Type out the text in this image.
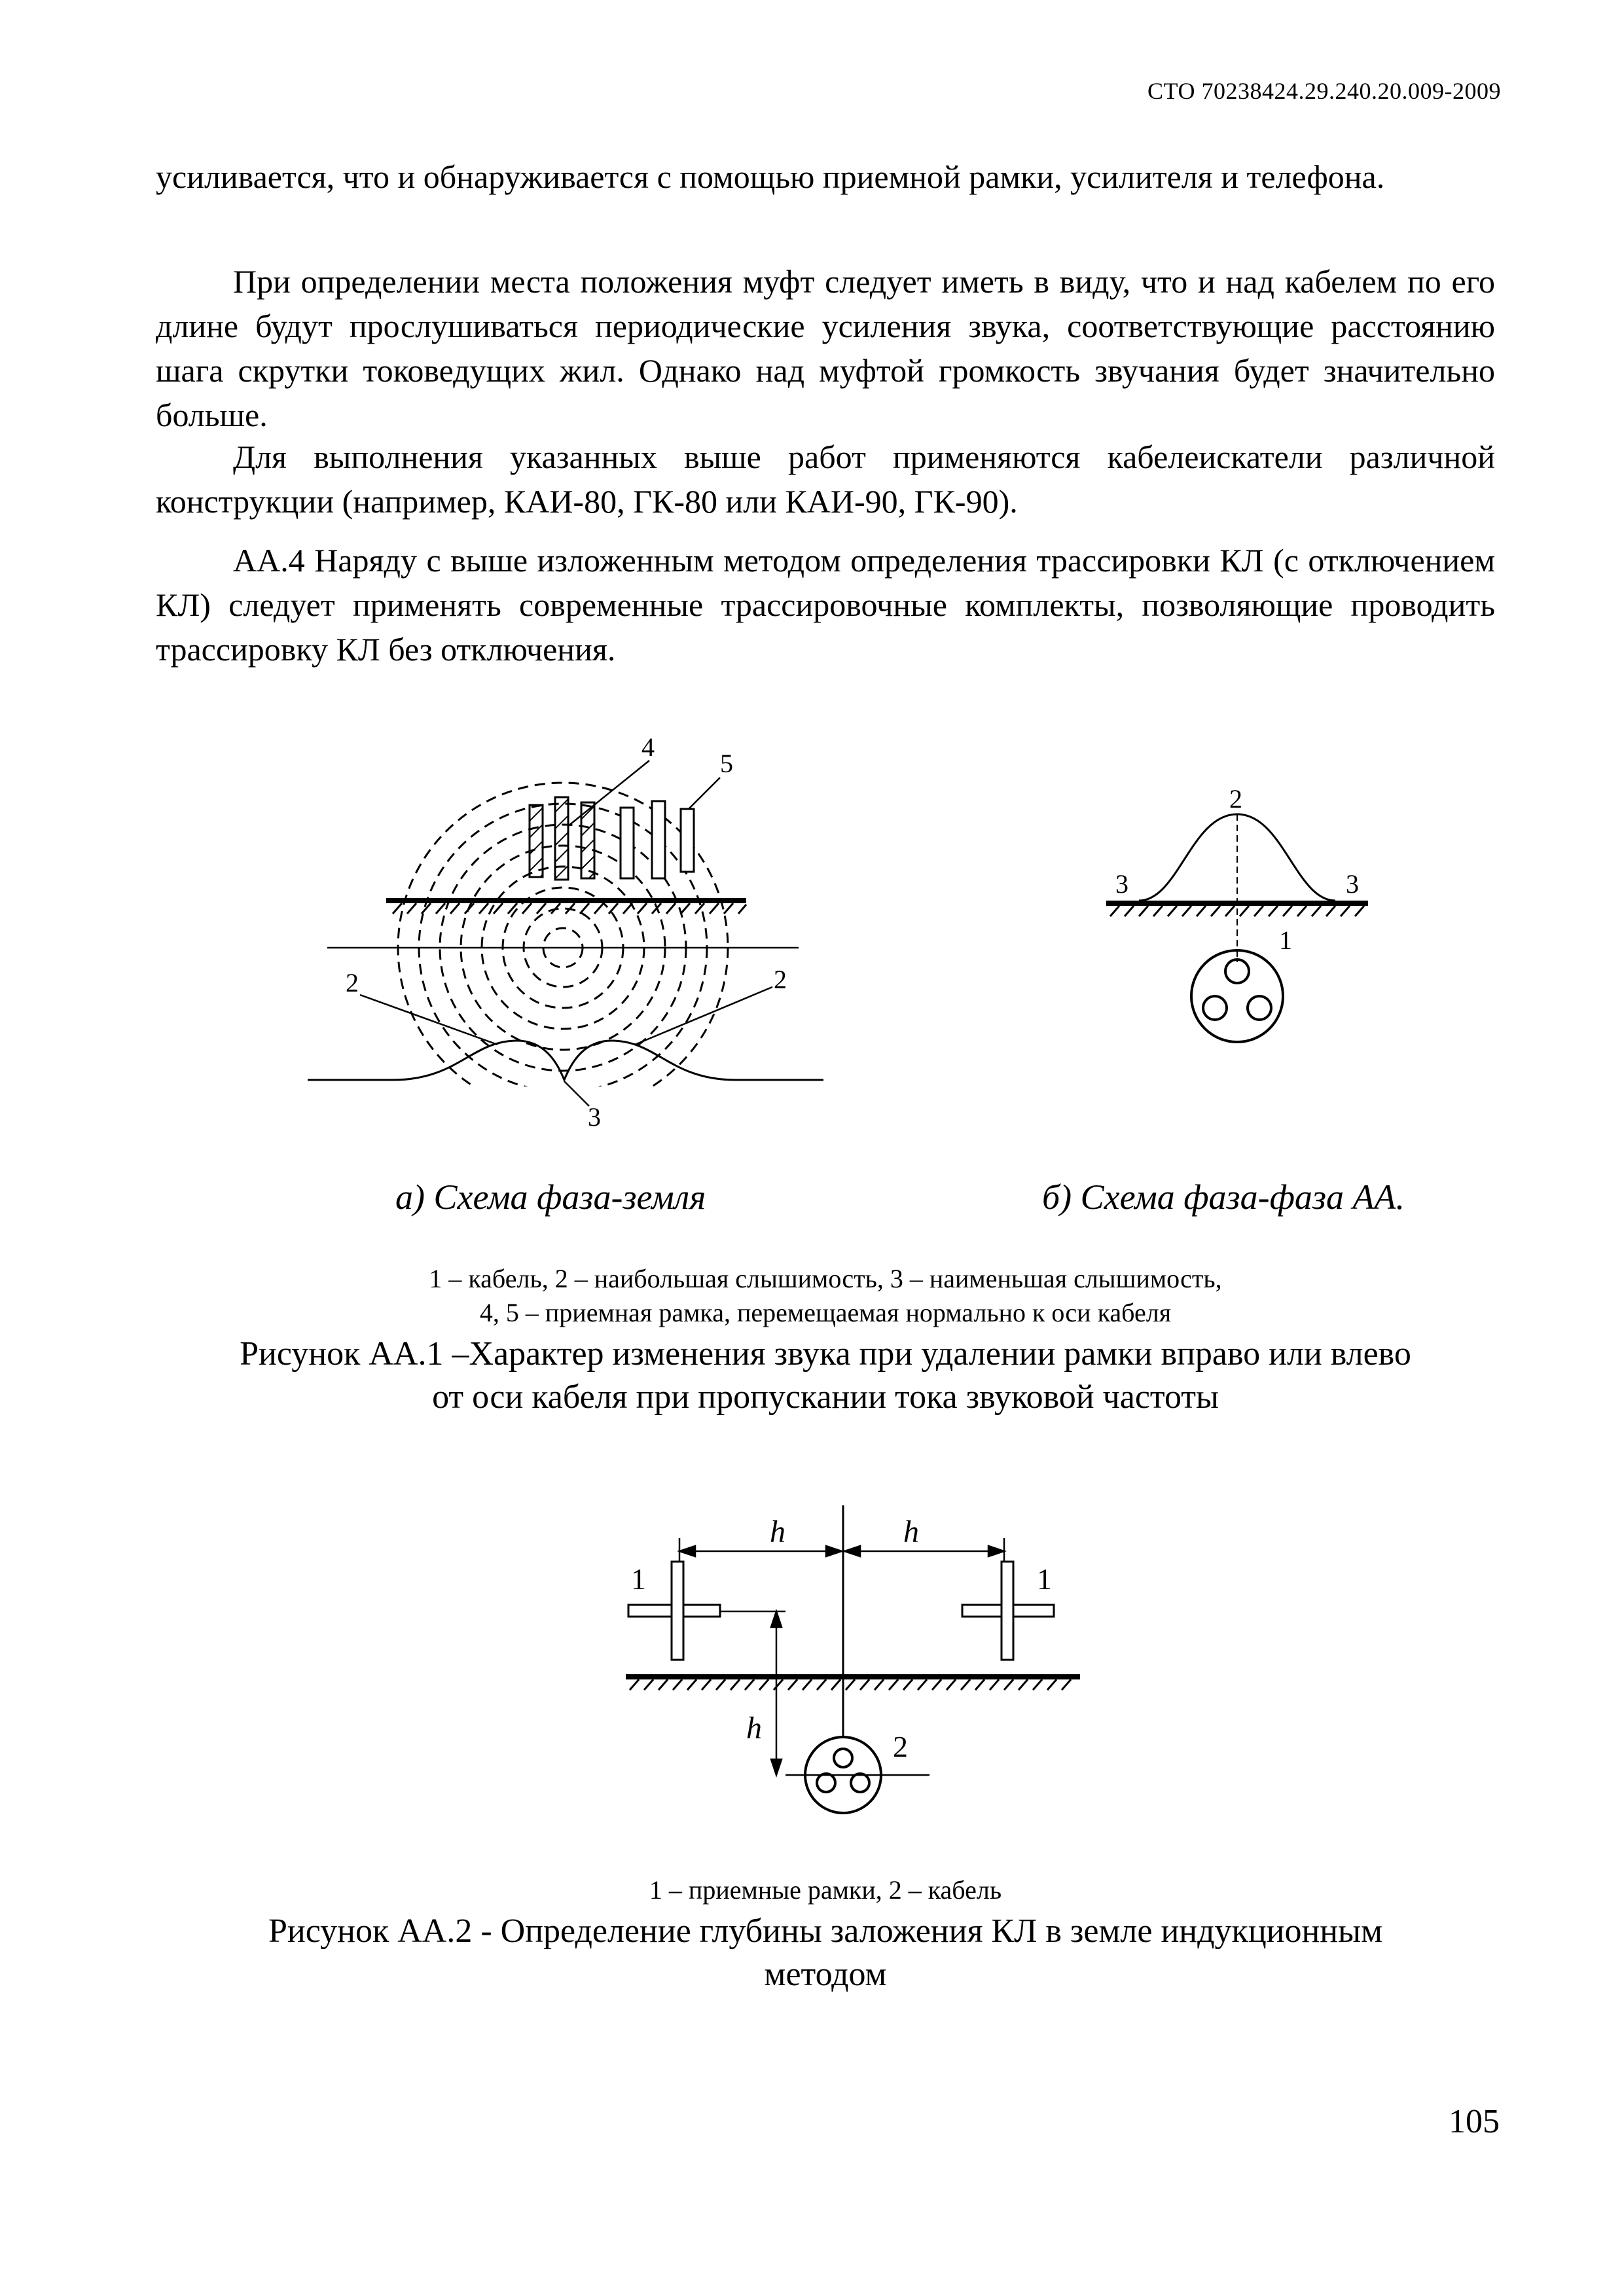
СТО 70238424.29.240.20.009-2009

усиливается, что и обнаруживается с помощью приемной рамки, усилителя и телефона.

При определении места положения муфт следует иметь в виду, что и над кабелем по его длине будут прослушиваться периодические усиления звука, соответствующие расстоянию шага скрутки токоведущих жил. Однако над муфтой громкость звучания будет значительно больше.

Для выполнения указанных выше работ применяются кабелеискатели различной конструкции (например, КАИ-80, ГК-80 или КАИ-90, ГК-90).

АА.4 Наряду с выше изложенным методом определения трассировки КЛ (с отключением КЛ) следует применять современные трассировочные комплекты, позволяющие проводить трассировку КЛ без отключения.

4
5
2	2
3
2
3	3
1
а) Схема фаза-земля	б) Схема фаза-фаза АА.
1 – кабель, 2 – наибольшая слышимость, 3 – наименьшая слышимость,
4, 5 – приемная рамка, перемещаемая нормально к оси кабеля
Рисунок АА.1 –Характер изменения звука при удалении рамки вправо или влево
от оси кабеля при пропускании тока звуковой частоты
h	h
1	1
h
2
1 – приемные рамки, 2 – кабель
Рисунок АА.2 - Определение глубины заложения КЛ в земле индукционным
методом
105
